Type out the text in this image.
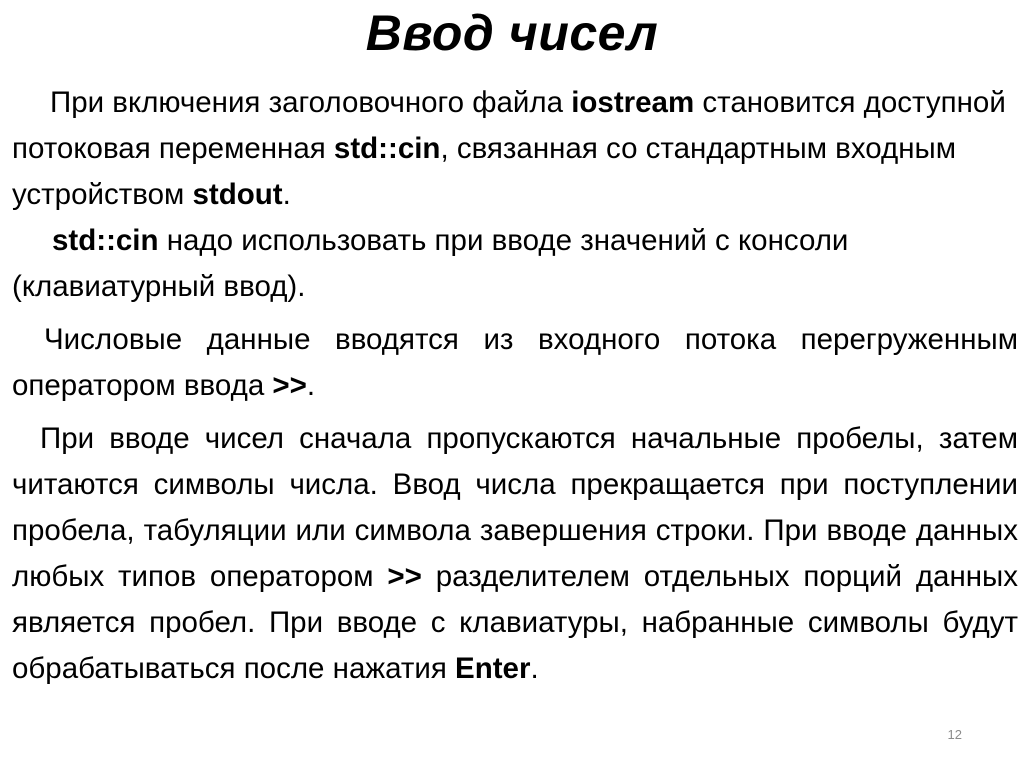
Ввод чисел

При включения заголовочного файла iostream становится доступной потоковая переменная std::cin, связанная со стандартным входным устройством stdout.

std::cin надо использовать при вводе значений с консоли (клавиатурный ввод).

Числовые данные вводятся из входного потока перегруженным оператором ввода >>.

При вводе чисел сначала пропускаются начальные пробелы, затем читаются символы числа. Ввод числа прекращается при поступлении пробела, табуляции или символа завершения строки. При вводе данных любых типов оператором >> разделителем отдельных порций данных является пробел. При вводе с клавиатуры, набранные символы будут обрабатываться после нажатия Enter.

12
